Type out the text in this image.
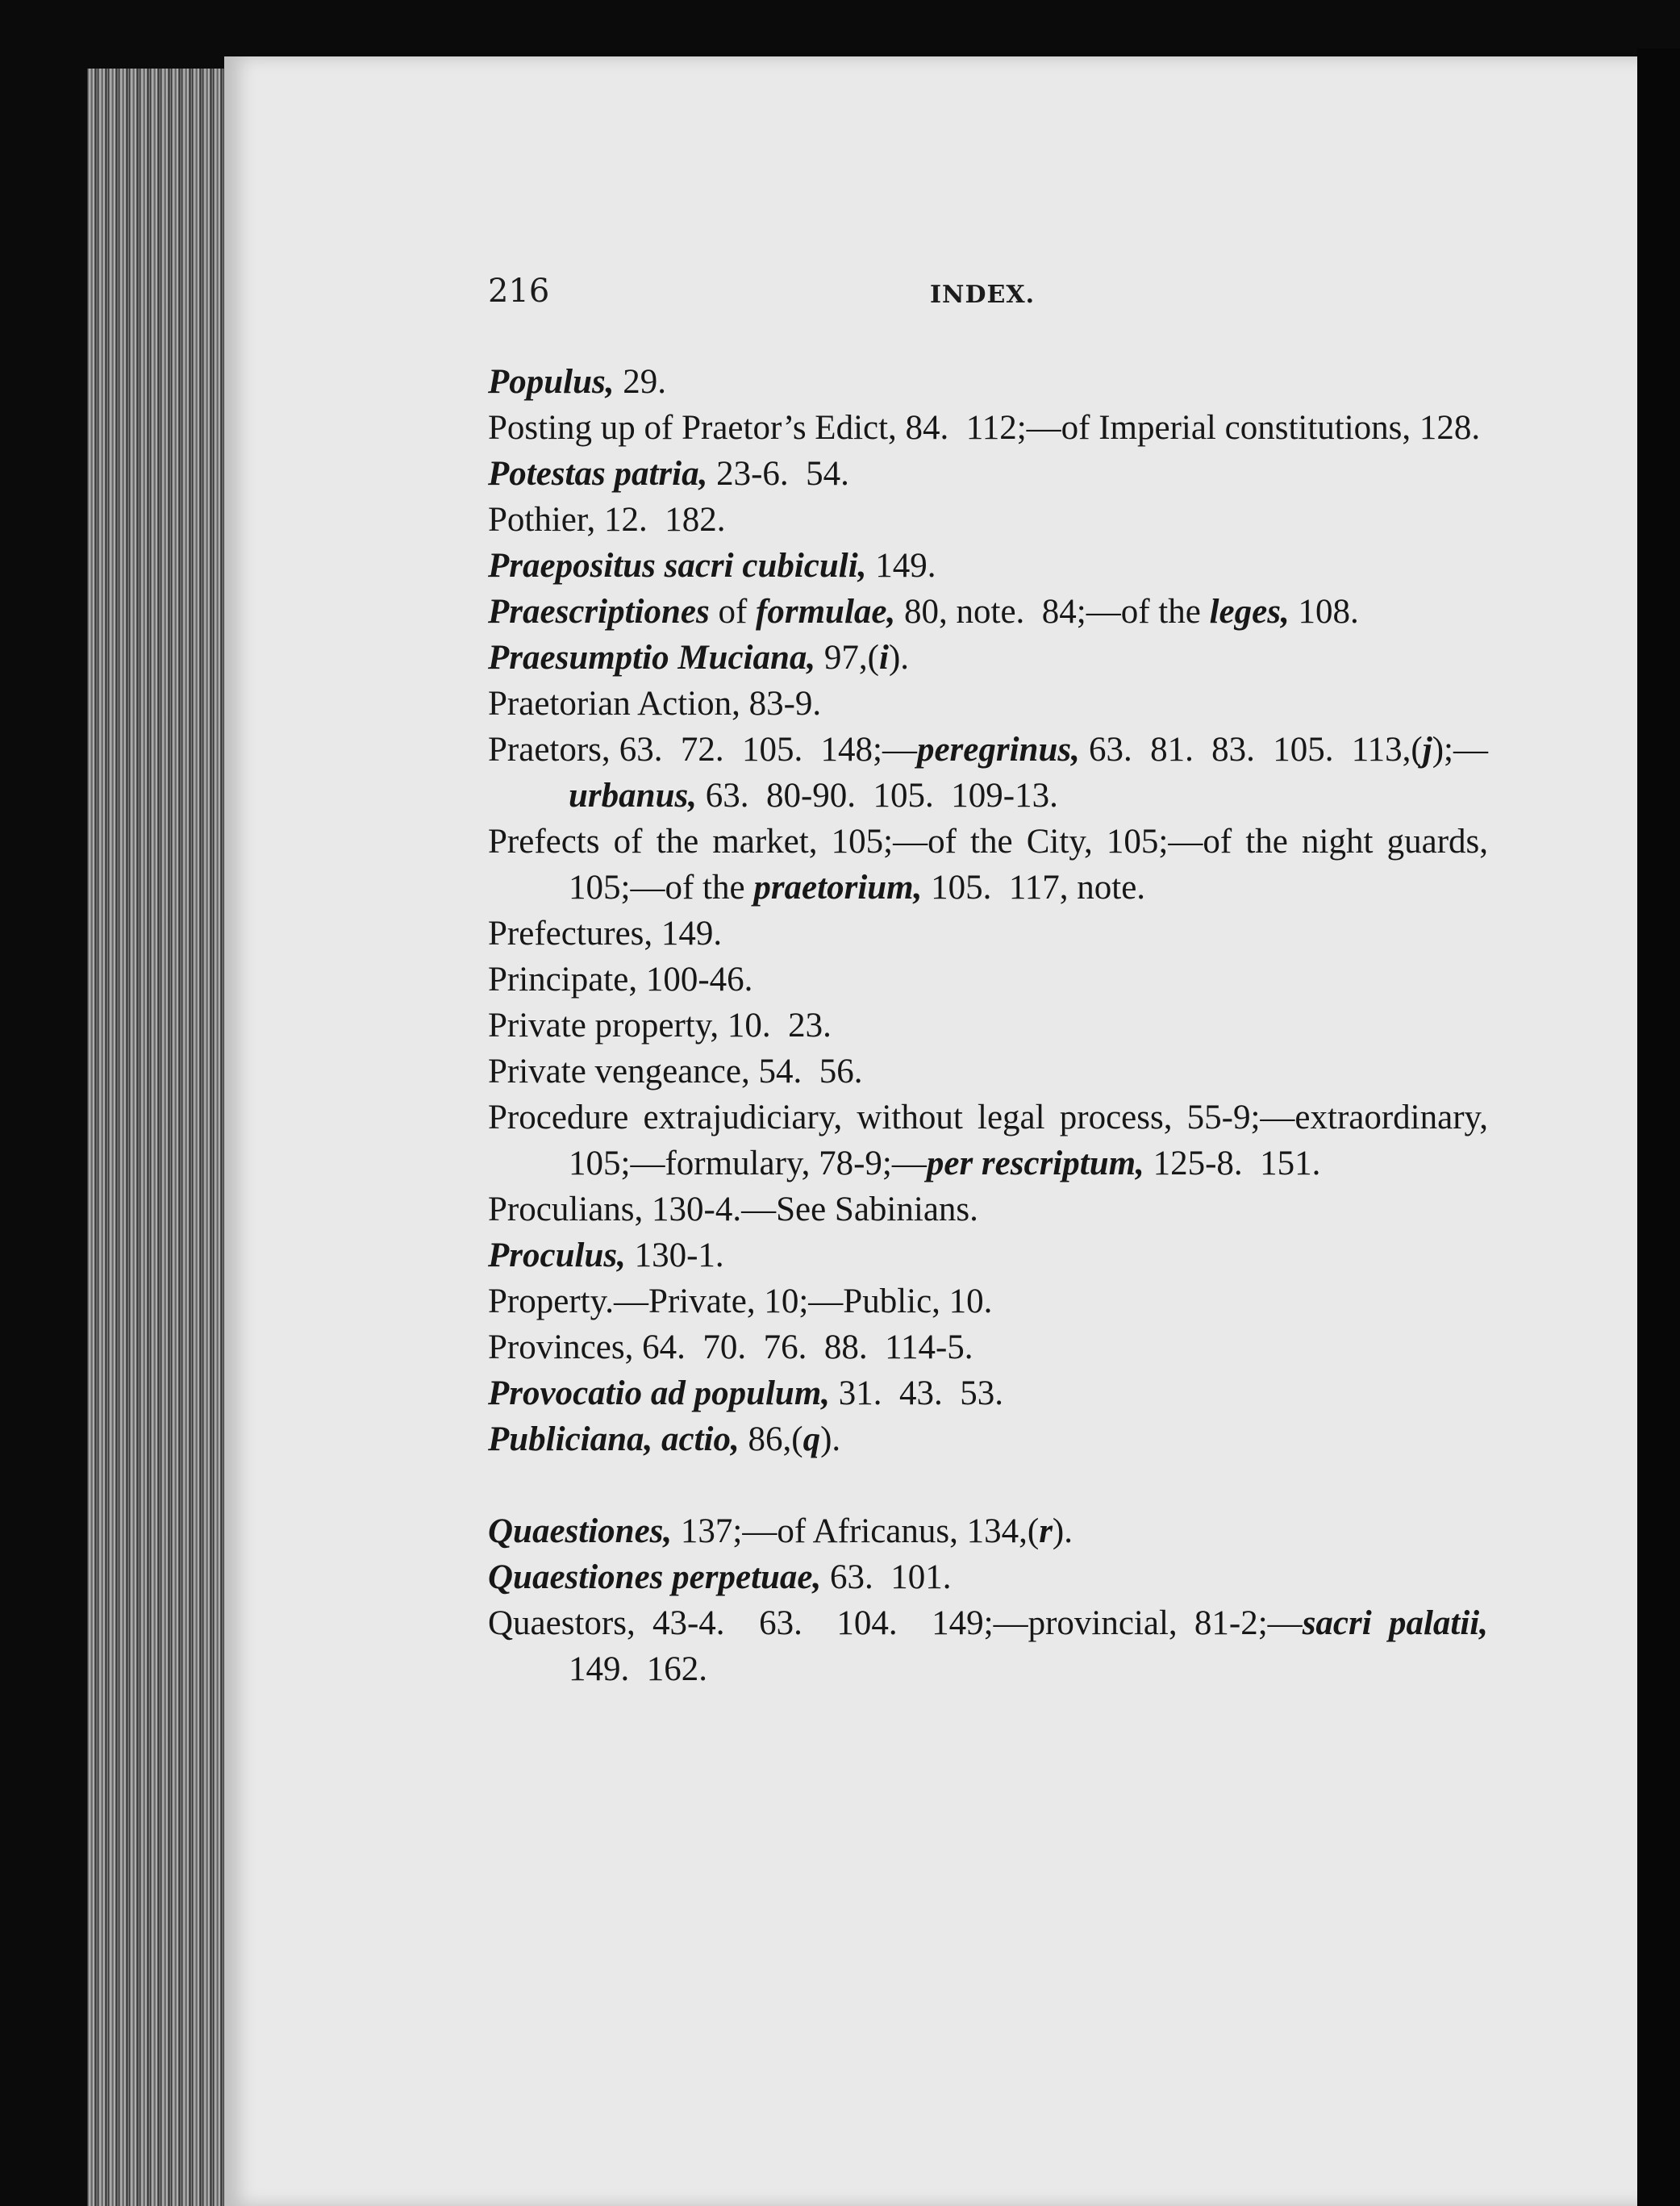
216	INDEX.
Populus, 29.
Posting up of Praetor’s Edict, 84.  112;—of Imperial constitutions, 128.
Potestas patria, 23-6.  54.
Pothier, 12.  182.
Praepositus sacri cubiculi, 149.
Praescriptiones of formulae, 80, note.  84;—of the leges, 108.
Praesumptio Muciana, 97,(i).
Praetorian Action, 83-9.
Praetors, 63.  72.  105.  148;—peregrinus, 63.  81.  83.  105.  113,(j);—urbanus, 63.  80-90.  105.  109-13.
Prefects of the market, 105;—of the City, 105;—of the night guards, 105;—of the praetorium, 105.  117, note.
Prefectures, 149.
Principate, 100-46.
Private property, 10.  23.
Private vengeance, 54.  56.
Procedure extrajudiciary, without legal process, 55-9;—extraordinary, 105;—formulary, 78-9;—per rescriptum, 125-8.  151.
Proculians, 130-4.—See Sabinians.
Proculus, 130-1.
Property.—Private, 10;—Public, 10.
Provinces, 64.  70.  76.  88.  114-5.
Provocatio ad populum, 31.  43.  53.
Publiciana, actio, 86,(q).
Quaestiones, 137;—of Africanus, 134,(r).
Quaestiones perpetuae, 63.  101.
Quaestors, 43-4.  63.  104.  149;—provincial, 81-2;—sacri palatii, 149.  162.
